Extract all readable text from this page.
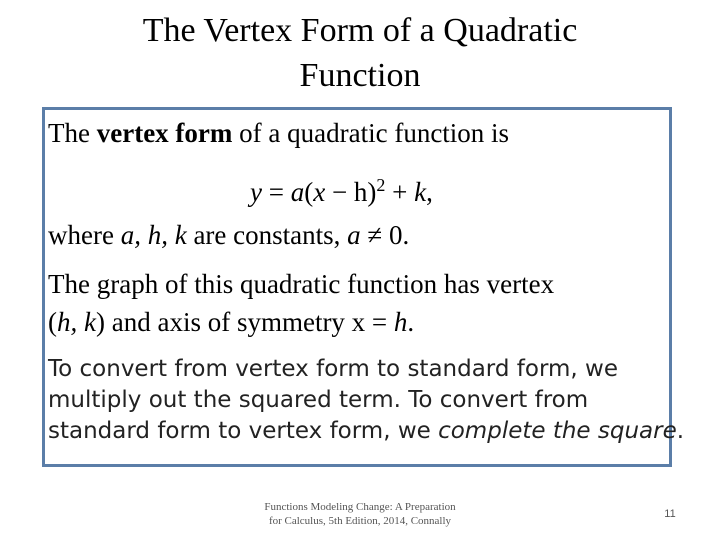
The Vertex Form of a Quadratic
Function
The vertex form of a quadratic function is
$y = a(x - h)^2 + k$,
where a, h, k are constants, a ≠ 0.
The graph of this quadratic function has vertex
(h, k) and axis of symmetry x = h.
To convert from vertex form to standard form, we
multiply out the squared term. To convert from
standard form to vertex form, we complete the square.
Functions Modeling Change: A Preparation
for Calculus, 5th Edition, 2014, Connally
11
